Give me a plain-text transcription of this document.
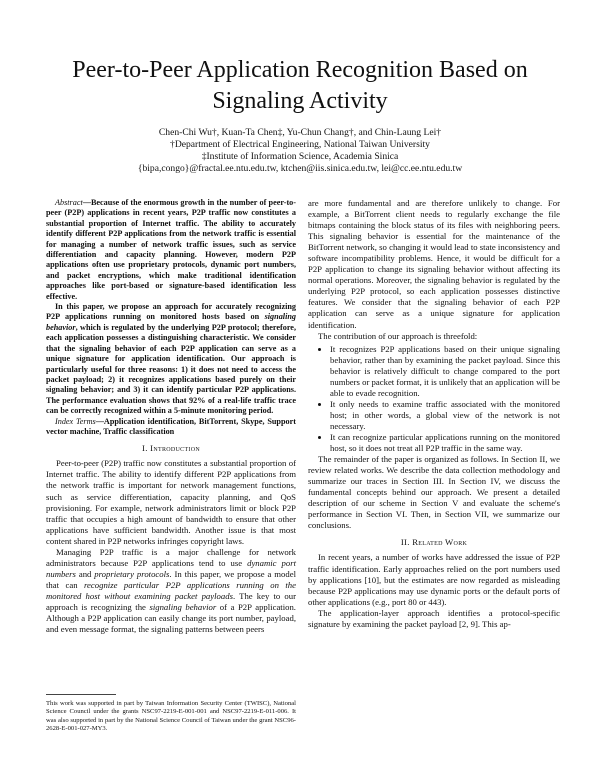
Peer-to-Peer Application Recognition Based on Signaling Activity
Chen-Chi Wu†, Kuan-Ta Chen‡, Yu-Chun Chang†, and Chin-Laung Lei†
†Department of Electrical Engineering, National Taiwan University
‡Institute of Information Science, Academia Sinica
{bipa,congo}@fractal.ee.ntu.edu.tw, ktchen@iis.sinica.edu.tw, lei@cc.ee.ntu.edu.tw

Abstract—Because of the enormous growth in the number of peer-to-peer (P2P) applications in recent years, P2P traffic now constitutes a substantial proportion of Internet traffic. The ability to accurately identify different P2P applications from the network traffic is essential for managing a number of network traffic issues, such as service differentiation and capacity planning. However, modern P2P applications often use proprietary protocols, dynamic port numbers, and packet encryptions, which make traditional identification approaches like port-based or signature-based identification less effective.

In this paper, we propose an approach for accurately recognizing P2P applications running on monitored hosts based on signaling behavior, which is regulated by the underlying P2P protocol; therefore, each application possesses a distinguishing characteristic. We consider that the signaling behavior of each P2P application can serve as a unique signature for application identification. Our approach is particularly useful for three reasons: 1) it does not need to access the packet payload; 2) it recognizes applications based purely on their signaling behavior; and 3) it can identify particular P2P applications. The performance evaluation shows that 92% of a real-life traffic trace can be correctly recognized within a 5-minute monitoring period.

Index Terms—Application identification, BitTorrent, Skype, Support vector machine, Traffic classification

I. Introduction

Peer-to-peer (P2P) traffic now constitutes a substantial proportion of Internet traffic. The ability to identify different P2P applications from the network traffic is important for network management functions, such as service differentiation, capacity planning, and QoS provisioning. For example, network administrators limit or block P2P traffic that occupies a high amount of bandwidth to ensure that other applications have sufficient bandwidth. Another issue is that most content shared in P2P networks infringes copyright laws.

Managing P2P traffic is a major challenge for network administrators because P2P applications tend to use dynamic port numbers and proprietary protocols. In this paper, we propose a model that can recognize particular P2P applications running on the monitored host without examining packet payloads. The key to our approach is recognizing the signaling behavior of a P2P application. Although a P2P application can easily change its port number, payload, and even message format, the signaling patterns between peers

This work was supported in part by Taiwan Information Security Center (TWISC), National Science Council under the grants NSC97-2219-E-001-001 and NSC97-2219-E-011-006. It was also supported in part by the National Science Council of Taiwan under the grant NSC96-2628-E-001-027-MY3.

are more fundamental and are therefore unlikely to change. For example, a BitTorrent client needs to regularly exchange the file bitmaps containing the block status of its files with neighboring peers. This signaling behavior is essential for the maintenance of the BitTorrent network, so changing it would lead to state inconsistency and software incompatibility problems. Hence, it would be difficult for a P2P application to change its signaling behavior without affecting its normal operations. Moreover, the signaling behavior is regulated by the underlying P2P protocol, so each application possesses distinctive features. We consider that the signaling behavior of each P2P application can serve as a unique signature for application identification.

The contribution of our approach is threefold:

• It recognizes P2P applications based on their unique signaling behavior, rather than by examining the packet payload. Since this behavior is relatively difficult to change compared to the port numbers or packet format, it is unlikely that an application will be able to evade recognition.
• It only needs to examine traffic associated with the monitored host; in other words, a global view of the network is not necessary.
• It can recognize particular applications running on the monitored host, so it does not treat all P2P traffic in the same way.

The remainder of the paper is organized as follows. In Section II, we review related works. We describe the data collection methodology and summarize our traces in Section III. In Section IV, we discuss the fundamental concepts behind our approach. We present a detailed description of our scheme in Section V and evaluate the scheme's performance in Section VI. Then, in Section VII, we summarize our conclusions.

II. Related Work

In recent years, a number of works have addressed the issue of P2P traffic identification. Early approaches relied on the port numbers used by applications [10], but the estimates are now regarded as misleading because P2P applications may use dynamic ports or the default ports of other applications (e.g., port 80 or 443).

The application-layer approach identifies a protocol-specific signature by examining the packet payload [2, 9]. This ap-
